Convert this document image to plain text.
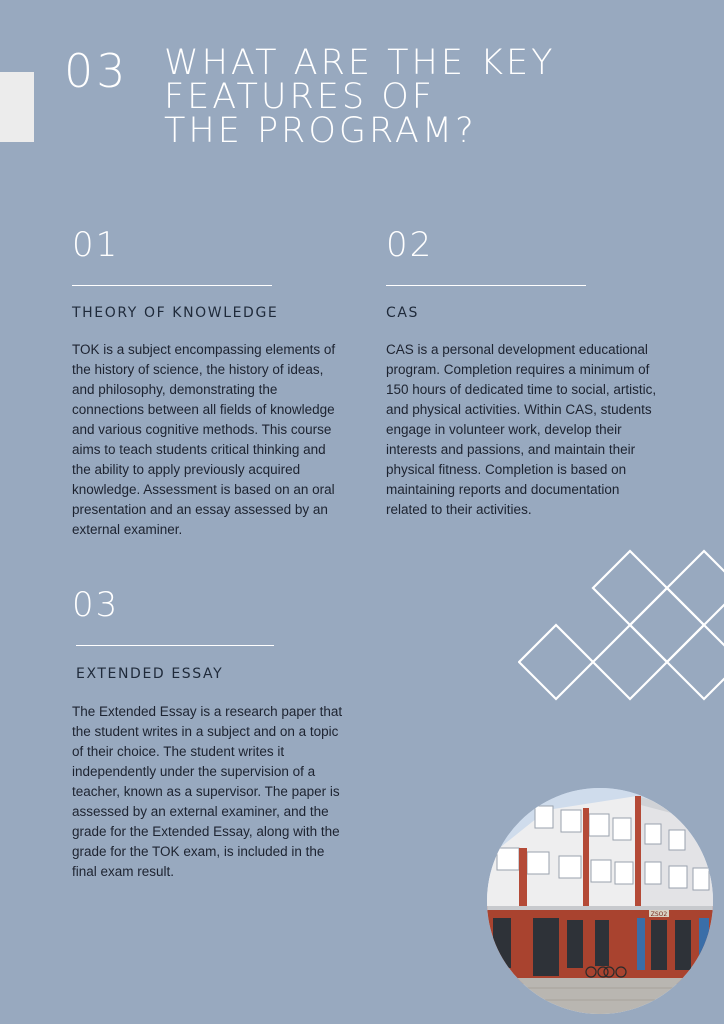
03 WHAT ARE THE KEY
FEATURES OF
THE PROGRAM?
01
THEORY OF KNOWLEDGE
TOK is a subject encompassing elements of the history of science, the history of ideas, and philosophy, demonstrating the connections between all fields of knowledge and various cognitive methods. This course aims to teach students critical thinking and the ability to apply previously acquired knowledge. Assessment is based on an oral presentation and an essay assessed by an external examiner.
02
CAS
CAS is a personal development educational program. Completion requires a minimum of 150 hours of dedicated time to social, artistic, and physical activities. Within CAS, students engage in volunteer work, develop their interests and passions, and maintain their physical fitness. Completion is based on maintaining reports and documentation related to their activities.
03
EXTENDED ESSAY
The Extended Essay is a research paper that the student writes in a subject and on a topic of their choice. The student writes it independently under the supervision of a teacher, known as a supervisor. The paper is assessed by an external examiner, and the grade for the Extended Essay, along with the grade for the TOK exam, is included in the final exam result.
ZSO2
